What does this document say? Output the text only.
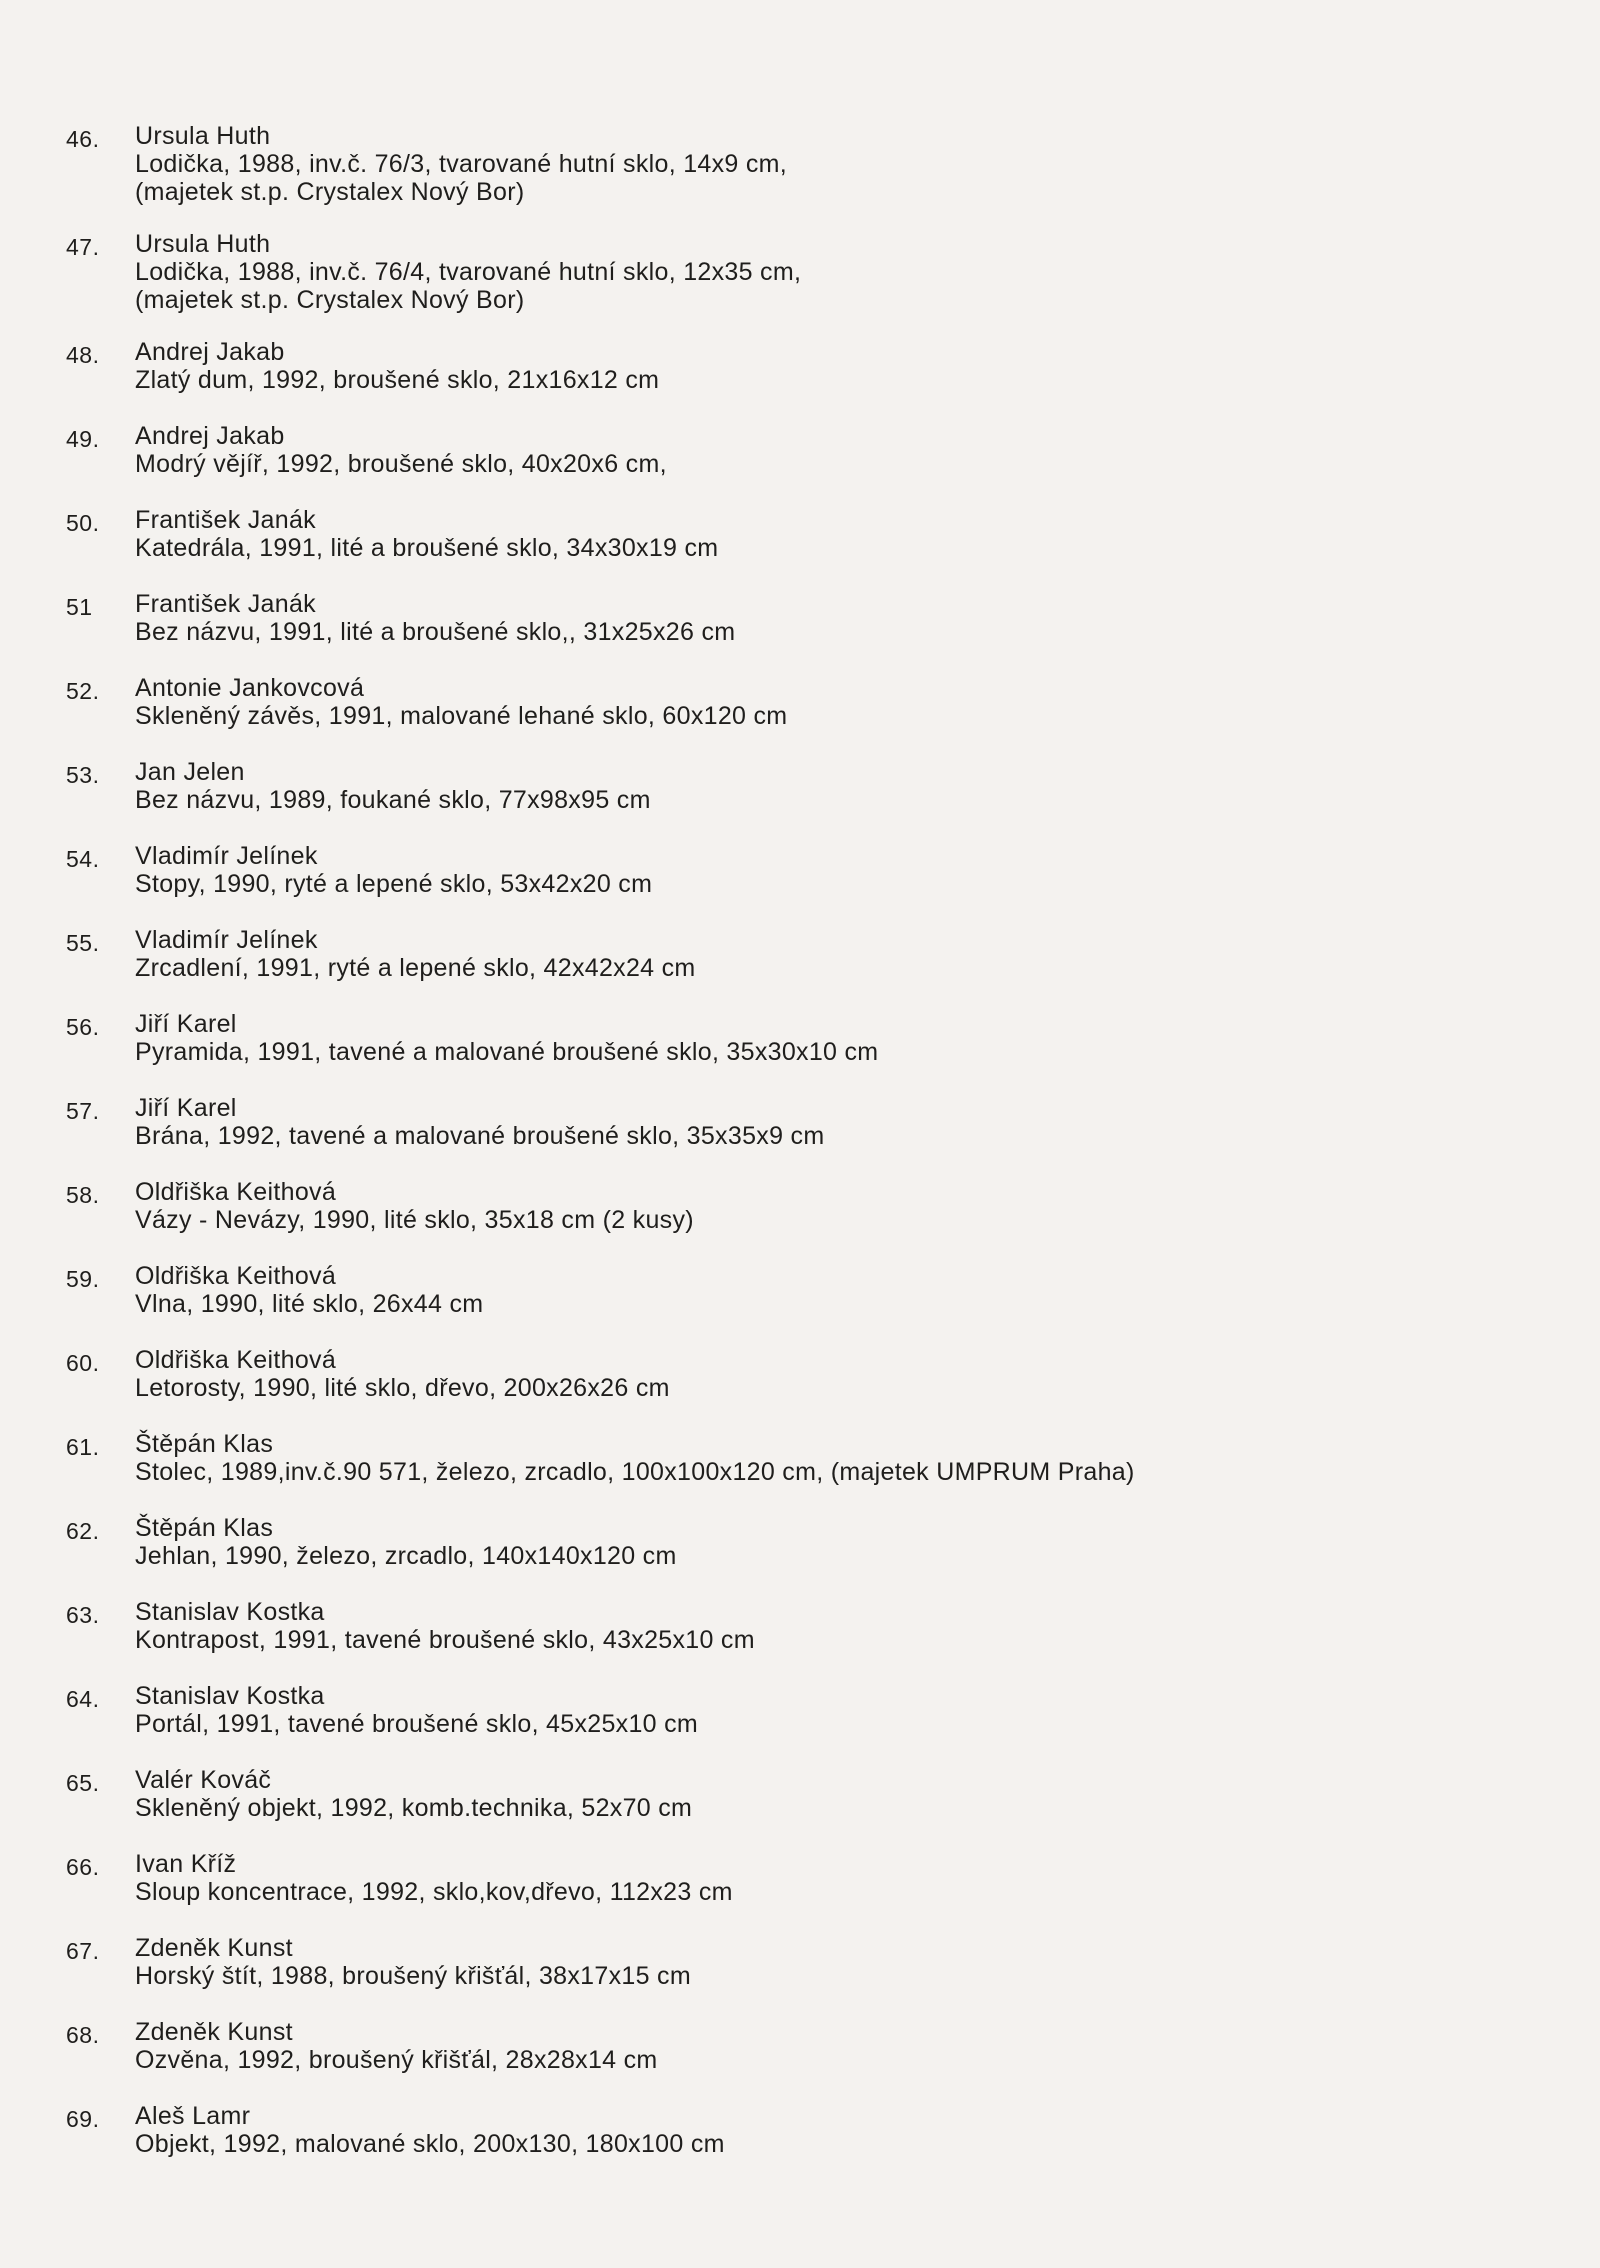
46.	Ursula Huth
Lodička, 1988, inv.č. 76/3, tvarované hutní sklo, 14x9 cm,
(majetek st.p. Crystalex Nový Bor)
47.	Ursula Huth
Lodička, 1988, inv.č. 76/4, tvarované hutní sklo, 12x35 cm,
(majetek st.p. Crystalex Nový Bor)
48.	Andrej Jakab
Zlatý dum, 1992, broušené sklo, 21x16x12 cm
49.	Andrej Jakab
Modrý vějíř, 1992, broušené sklo, 40x20x6 cm,
50.	František Janák
Katedrála, 1991, lité a broušené sklo, 34x30x19 cm
51	František Janák
Bez názvu, 1991, lité a broušené sklo,, 31x25x26 cm
52.	Antonie Jankovcová
Skleněný závěs, 1991, malované lehané sklo, 60x120 cm
53.	Jan Jelen
Bez názvu, 1989, foukané sklo, 77x98x95 cm
54.	Vladimír Jelínek
Stopy, 1990, ryté a lepené sklo, 53x42x20 cm
55.	Vladimír Jelínek
Zrcadlení, 1991, ryté a lepené sklo, 42x42x24 cm
56.	Jiří Karel
Pyramida, 1991, tavené a malované broušené sklo, 35x30x10 cm
57.	Jiří Karel
Brána, 1992, tavené a malované broušené sklo, 35x35x9 cm
58.	Oldřiška Keithová
Vázy - Nevázy, 1990, lité sklo, 35x18 cm (2 kusy)
59.	Oldřiška Keithová
Vlna, 1990, lité sklo, 26x44 cm
60.	Oldřiška Keithová
Letorosty, 1990, lité sklo, dřevo, 200x26x26 cm
61.	Štěpán Klas
Stolec, 1989,inv.č.90 571, železo, zrcadlo, 100x100x120 cm, (majetek UMPRUM Praha)
62.	Štěpán Klas
Jehlan, 1990, železo, zrcadlo, 140x140x120 cm
63.	Stanislav Kostka
Kontrapost, 1991, tavené broušené sklo, 43x25x10 cm
64.	Stanislav Kostka
Portál, 1991, tavené broušené sklo, 45x25x10 cm
65.	Valér Kováč
Skleněný objekt, 1992, komb.technika, 52x70 cm
66.	Ivan Kříž
Sloup koncentrace, 1992, sklo,kov,dřevo, 112x23 cm
67.	Zdeněk Kunst
Horský štít, 1988, broušený křišťál, 38x17x15 cm
68.	Zdeněk Kunst
Ozvěna, 1992, broušený křišťál, 28x28x14 cm
69.	Aleš Lamr
Objekt, 1992, malované sklo, 200x130, 180x100 cm
